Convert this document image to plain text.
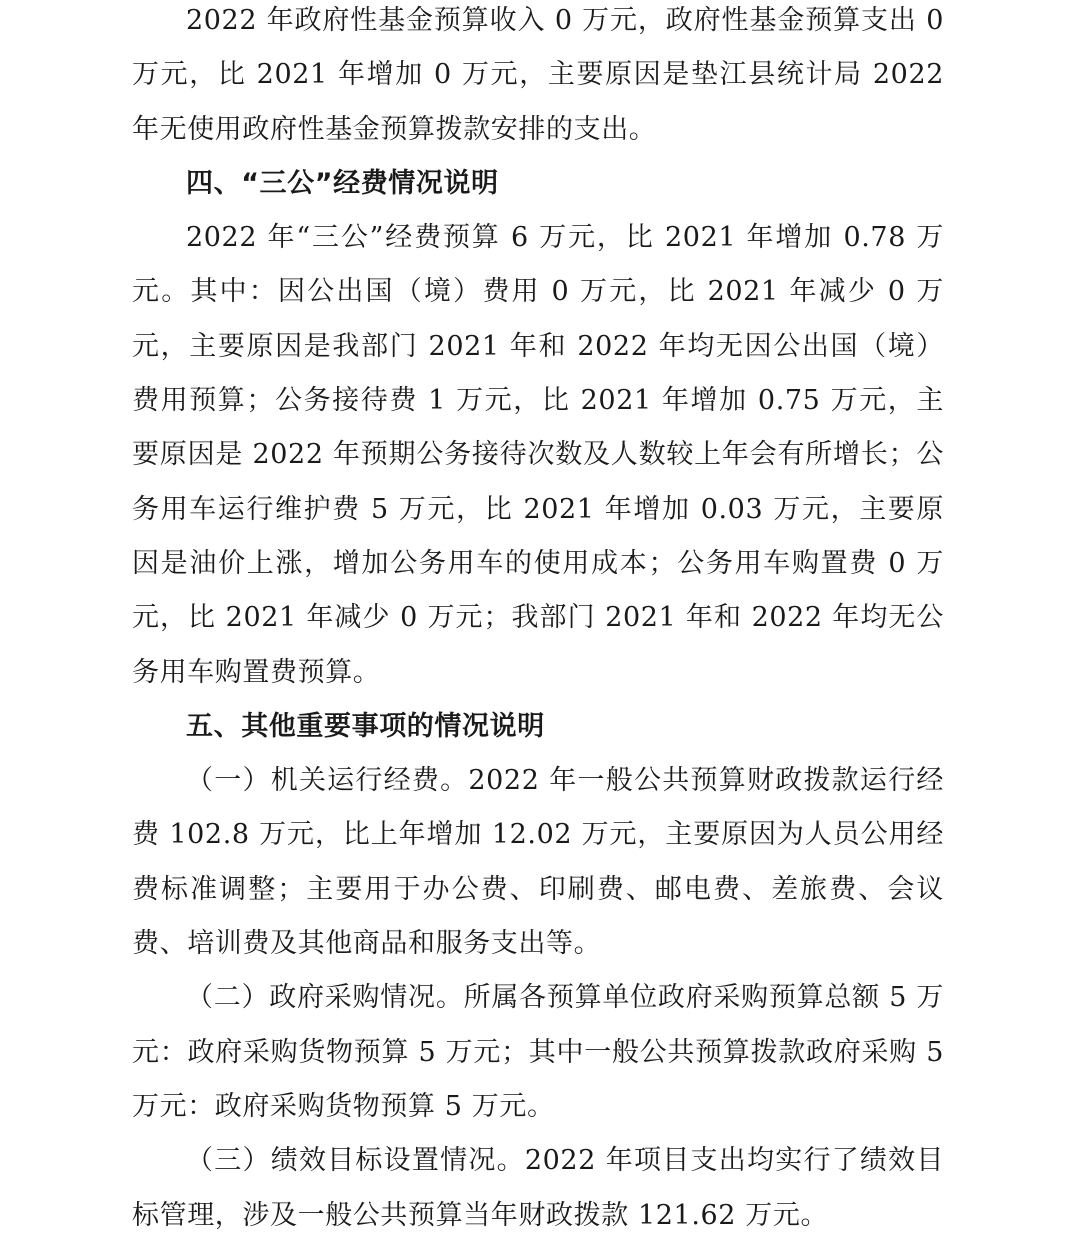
2022 年政府性基金预算收入 0 万元，政府性基金预算支出 0 万元，比 2021 年增加 0 万元，主要原因是垫江县统计局 2022 年无使用政府性基金预算拨款安排的支出。

四、“三公”经费情况说明

2022 年“三公”经费预算 6 万元，比 2021 年增加 0.78 万元。其中：因公出国（境）费用 0 万元，比 2021 年减少 0 万元，主要原因是我部门 2021 年和 2022 年均无因公出国（境）费用预算；公务接待费 1 万元，比 2021 年增加 0.75 万元，主要原因是 2022 年预期公务接待次数及人数较上年会有所增长；公务用车运行维护费 5 万元，比 2021 年增加 0.03 万元，主要原因是油价上涨，增加公务用车的使用成本；公务用车购置费 0 万元，比 2021 年减少 0 万元；我部门 2021 年和 2022 年均无公务用车购置费预算。

五、其他重要事项的情况说明

（一）机关运行经费。2022 年一般公共预算财政拨款运行经费 102.8 万元，比上年增加 12.02 万元，主要原因为人员公用经费标准调整；主要用于办公费、印刷费、邮电费、差旅费、会议费、培训费及其他商品和服务支出等。

（二）政府采购情况。所属各预算单位政府采购预算总额 5 万元：政府采购货物预算 5 万元；其中一般公共预算拨款政府采购 5 万元：政府采购货物预算 5 万元。

（三）绩效目标设置情况。2022 年项目支出均实行了绩效目标管理，涉及一般公共预算当年财政拨款 121.62 万元。
